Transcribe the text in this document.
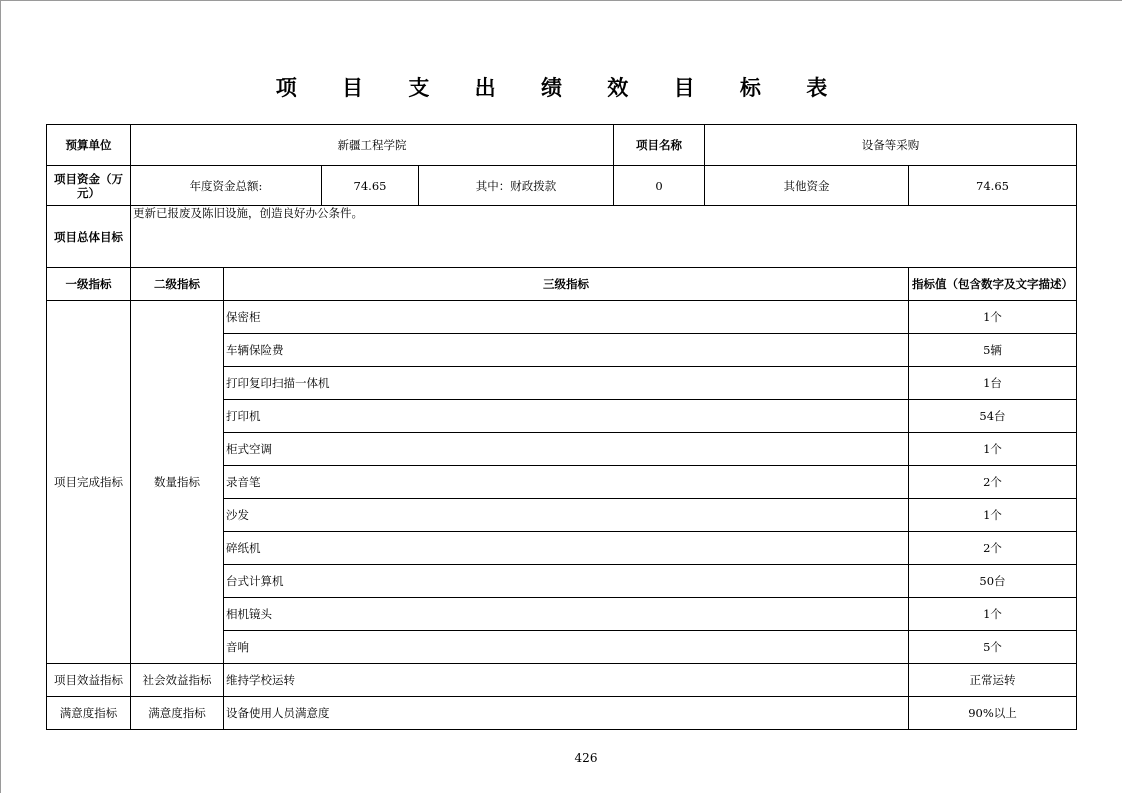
项 目 支 出 绩 效 目 标 表
预算单位	新疆工程学院				项目名称	设备等采购	
项目资金（万元）	年度资金总额:		74.65	其中：财政拨款	0	其他资金	74.65
项目总体目标	更新已报废及陈旧设施，创造良好办公条件。						
一级指标	二级指标	三级指标					指标值（包含数字及文字描述）
项目完成指标	数量指标	保密柜					1个
		车辆保险费					5辆
		打印复印扫描一体机					1台
		打印机					54台
		柜式空调					1个
		录音笔					2个
		沙发					1个
		碎纸机					2个
		台式计算机					50台
		相机镜头					1个
		音响					5个
项目效益指标	社会效益指标	维持学校运转					正常运转
满意度指标	满意度指标	设备使用人员满意度					90%以上
426
